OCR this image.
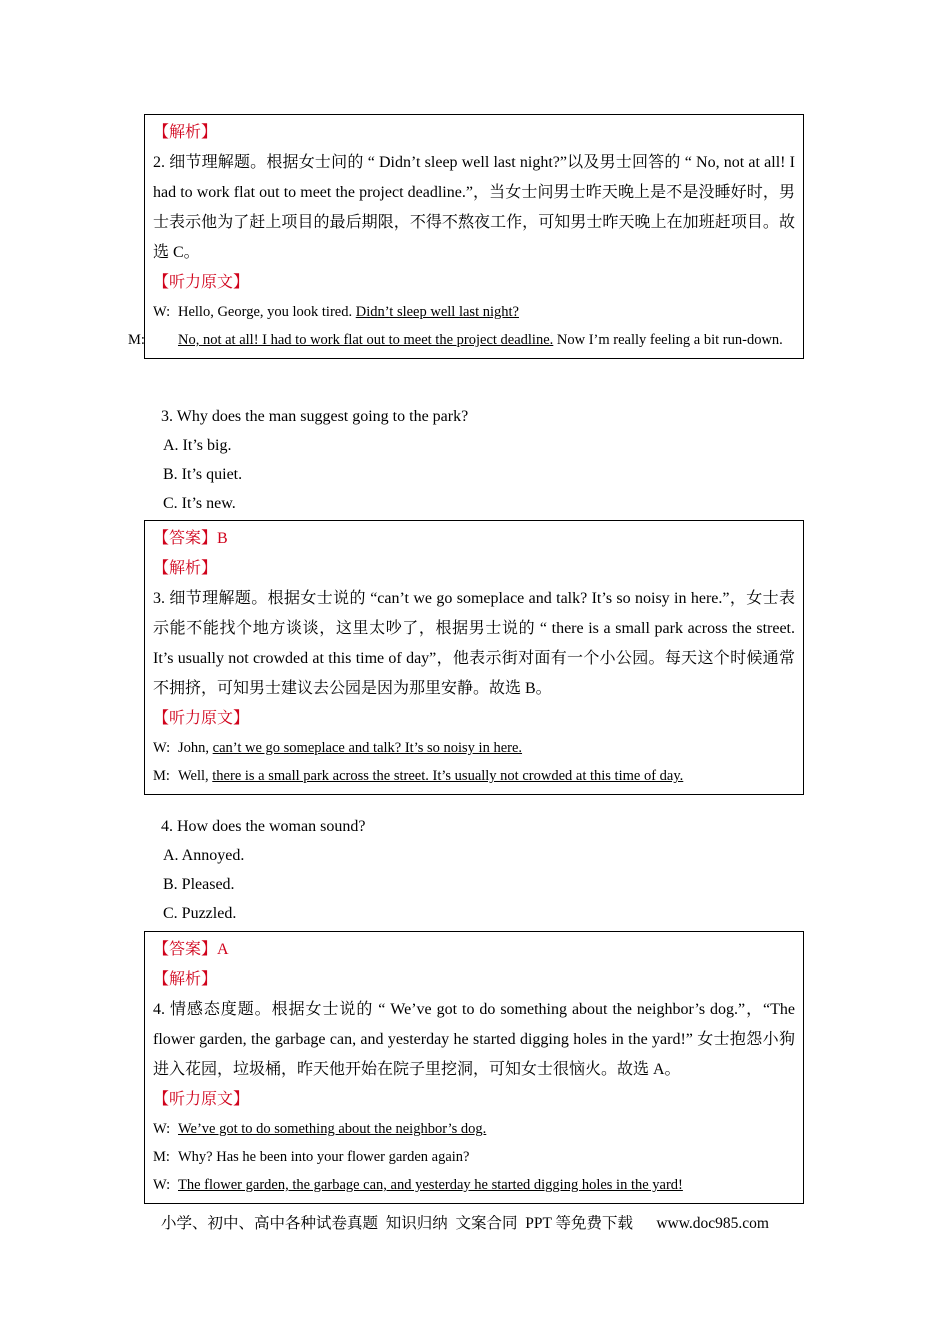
【解析】
2. 细节理解题。根据女士问的 “ Didn’t sleep well last night?”以及男士回答的 “ No, not at all! I had to work flat out to meet the project deadline.”，当女士问男士昨天晚上是不是没睡好时，男士表示他为了赶上项目的最后期限，不得不熬夜工作，可知男士昨天晚上在加班赶项目。故选 C。
【听力原文】
W: Hello, George, you look tired. Didn’t sleep well last night?
M: No, not at all! I had to work flat out to meet the project deadline. Now I’m really feeling a bit run-down.
3. Why does the man suggest going to the park?
A. It’s big.
B. It’s quiet.
C. It’s new.
【答案】B
【解析】
3. 细节理解题。根据女士说的 “can’t we go someplace and talk? It’s so noisy in here.”，女士表示能不能找个地方谈谈，这里太吵了，根据男士说的 “ there is a small park across the street. It’s usually not crowded at this time of day”，他表示街对面有一个小公园。每天这个时候通常不拥挤，可知男士建议去公园是因为那里安静。故选 B。
【听力原文】
W: John, can’t we go someplace and talk? It’s so noisy in here.
M: Well, there is a small park across the street. It’s usually not crowded at this time of day.
4. How does the woman sound?
A. Annoyed.
B. Pleased.
C. Puzzled.
【答案】A
【解析】
4. 情感态度题。根据女士说的 “ We’ve got to do something about the neighbor’s dog.”，“The flower garden, the garbage can, and yesterday he started digging holes in the yard!” 女士抱怨小狗进入花园，垃圾桶，昨天他开始在院子里挖洞，可知女士很恼火。故选 A。
【听力原文】
W: We’ve got to do something about the neighbor’s dog.
M: Why? Has he been into your flower garden again?
W: The flower garden, the garbage can, and yesterday he started digging holes in the yard!
小学、初中、高中各种试卷真题  知识归纳  文案合同  PPT 等免费下载 www.doc985.com
